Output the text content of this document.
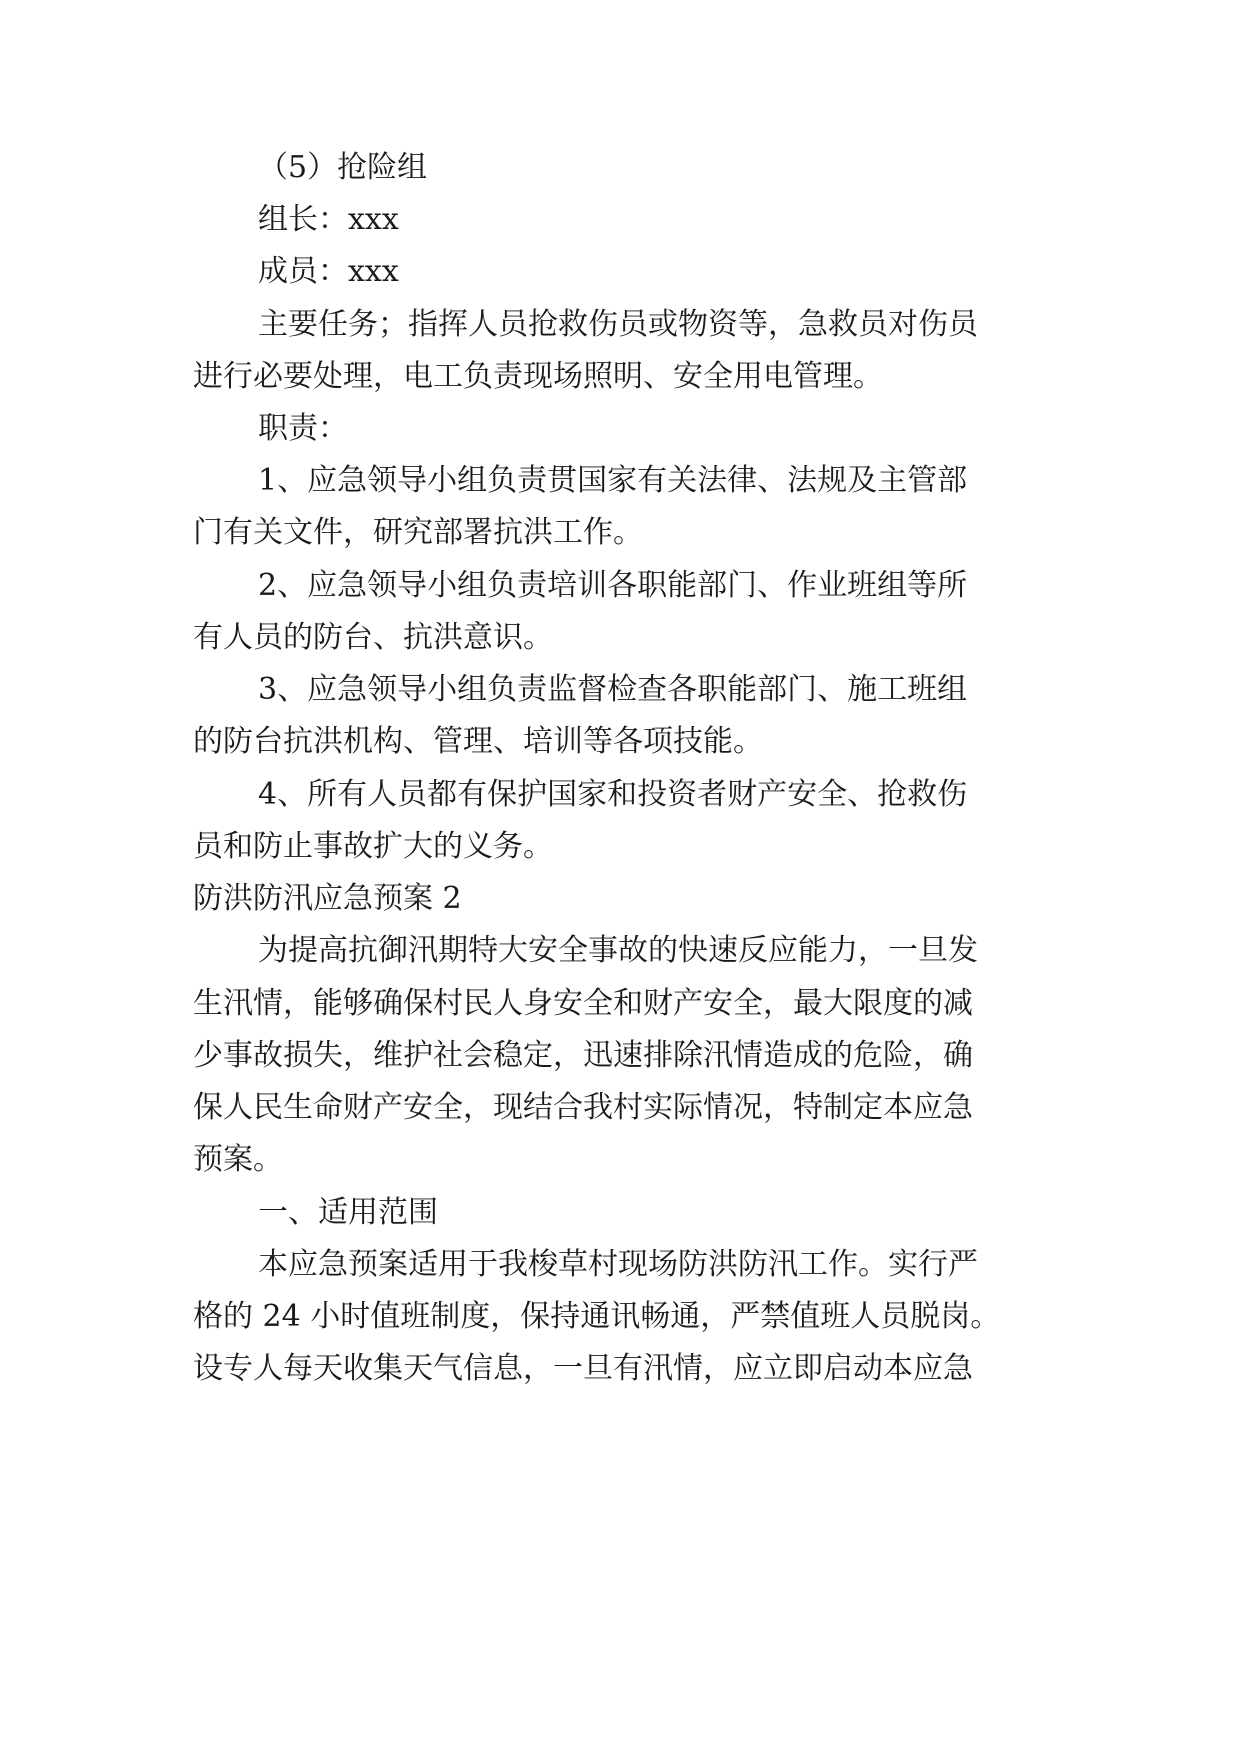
（5）抢险组
组长：xxx
成员：xxx
主要任务；指挥人员抢救伤员或物资等，急救员对伤员
进行必要处理，电工负责现场照明、安全用电管理。
职责：
1、应急领导小组负责贯国家有关法律、法规及主管部
门有关文件，研究部署抗洪工作。
2、应急领导小组负责培训各职能部门、作业班组等所
有人员的防台、抗洪意识。
3、应急领导小组负责监督检查各职能部门、施工班组
的防台抗洪机构、管理、培训等各项技能。
4、所有人员都有保护国家和投资者财产安全、抢救伤
员和防止事故扩大的义务。
防洪防汛应急预案 2
为提高抗御汛期特大安全事故的快速反应能力，一旦发
生汛情，能够确保村民人身安全和财产安全，最大限度的减
少事故损失，维护社会稳定，迅速排除汛情造成的危险，确
保人民生命财产安全，现结合我村实际情况，特制定本应急
预案。
一、适用范围
本应急预案适用于我梭草村现场防洪防汛工作。实行严
格的 24 小时值班制度，保持通讯畅通，严禁值班人员脱岗。
设专人每天收集天气信息，一旦有汛情，应立即启动本应急
